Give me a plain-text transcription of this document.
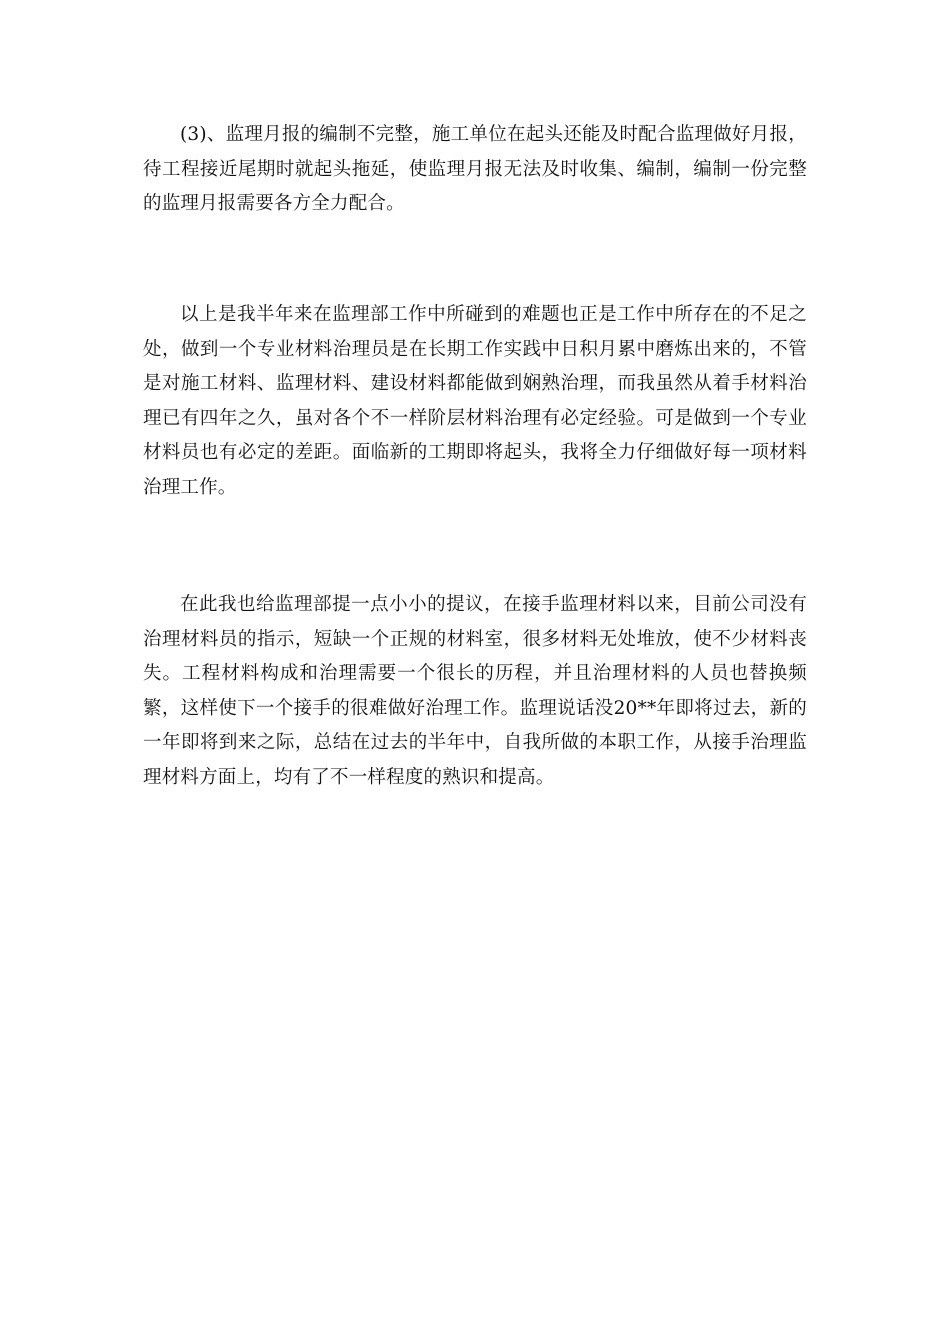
(3)、监理月报的编制不完整，施工单位在起头还能及时配合监理做好月报，待工程接近尾期时就起头拖延，使监理月报无法及时收集、编制，编制一份完整的监理月报需要各方全力配合。

以上是我半年来在监理部工作中所碰到的难题也正是工作中所存在的不足之处，做到一个专业材料治理员是在长期工作实践中日积月累中磨炼出来的，不管是对施工材料、监理材料、建设材料都能做到娴熟治理，而我虽然从着手材料治理已有四年之久，虽对各个不一样阶层材料治理有必定经验。可是做到一个专业材料员也有必定的差距。面临新的工期即将起头，我将全力仔细做好每一项材料治理工作。

在此我也给监理部提一点小小的提议，在接手监理材料以来，目前公司没有治理材料员的指示，短缺一个正规的材料室，很多材料无处堆放，使不少材料丧失。工程材料构成和治理需要一个很长的历程，并且治理材料的人员也替换频繁，这样使下一个接手的很难做好治理工作。监理说话没20**年即将过去，新的一年即将到来之际，总结在过去的半年中，自我所做的本职工作，从接手治理监理材料方面上，均有了不一样程度的熟识和提高。
